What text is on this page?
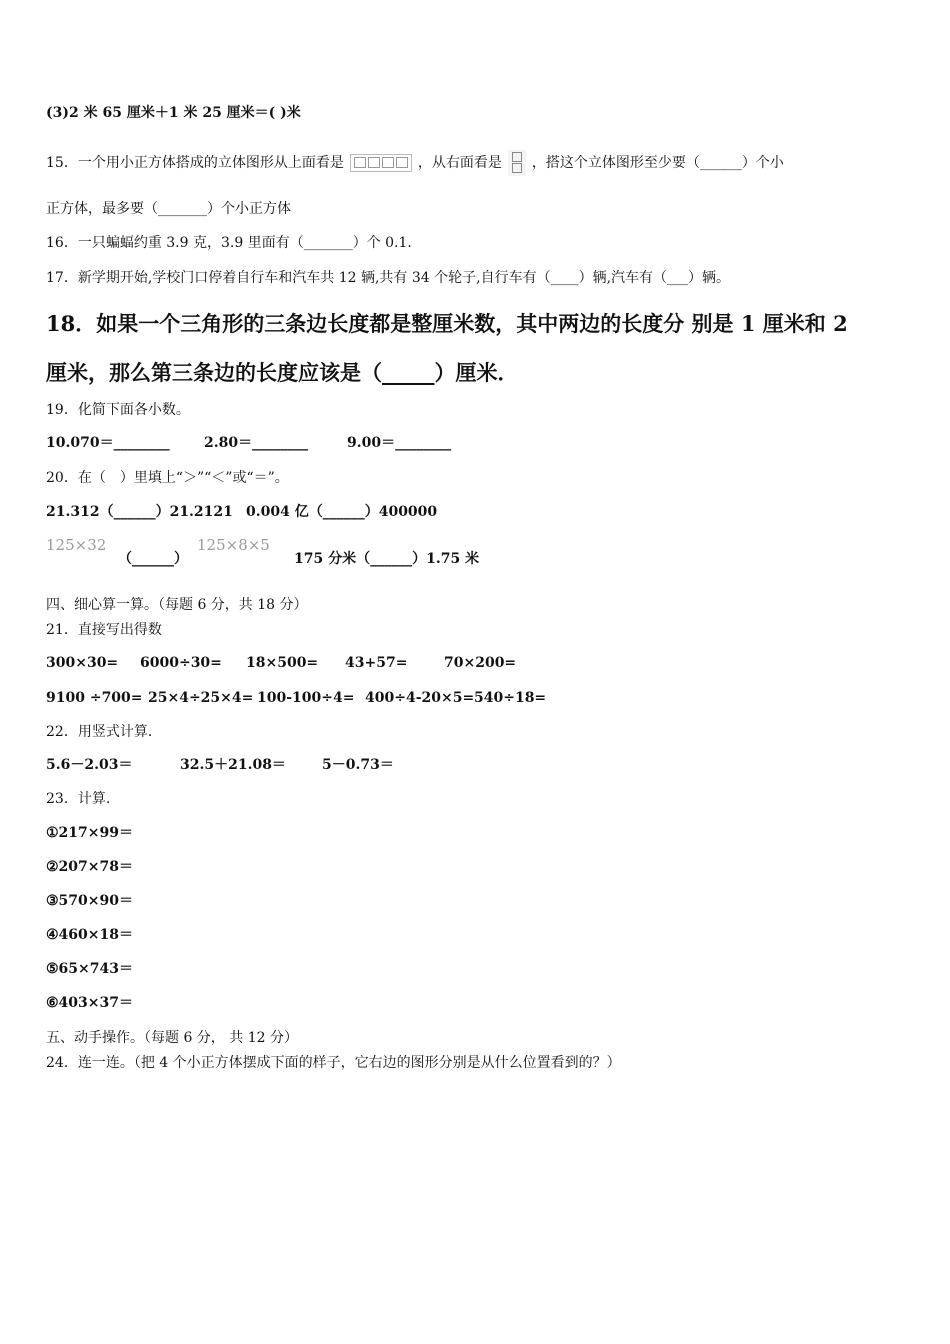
(3)2 米 65 厘米＋1 米 25 厘米＝( )米
15．一个用小正方体搭成的立体图形从上面看是	，从右面看是 ，搭这个立体图形至少要（______）个小
正方体，最多要（_______）个小正方体
16．一只蝙蝠约重 3.9 克，3.9 里面有（_______）个 0.1．
17．新学期开始,学校门口停着自行车和汽车共 12 辆,共有 34 个轮子,自行车有（____）辆,汽车有（___）辆。
18．如果一个三角形的三条边长度都是整厘米数，其中两边的长度分 别是 1 厘米和 2
厘米，那么第三条边的长度应该是（_____）厘米．
19．化简下面各小数。
10.070＝________ 2.80＝________	9.00＝________
20．在（　）里填上“＞”“＜”或“＝”。
21.312（______）21.2121 0.004 亿（______）400000
125×32
（______）
125×8×5
175 分米（______）1.75 米
四、细心算一算。（每题 6 分，共 18 分）
21．直接写出得数
300×30= 6000÷30= 18×500= 43+57=	70×200=
9100 ÷700= 25×4÷25×4= 100-100÷4= 400÷4-20×5= 540÷18=
22．用竖式计算.
5.6－2.03＝	32.5＋21.08＝	5－0.73＝
23．计算.
①217×99＝
②207×78＝
③570×90＝
④460×18＝
⑤65×743＝
⑥403×37＝
五、动手操作。（每题 6 分， 共 12 分）
24．连一连。（把 4 个小正方体摆成下面的样子，它右边的图形分别是从什么位置看到的？）
